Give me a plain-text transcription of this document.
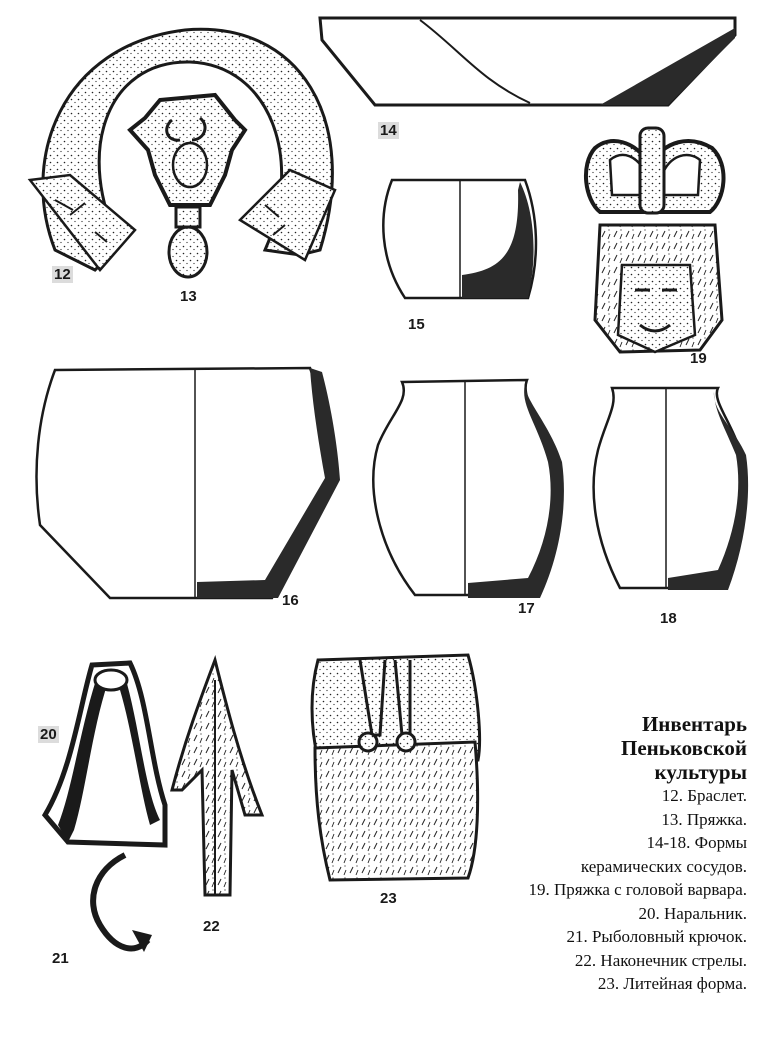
12
13
14
15
16	17
18
19
20
21
22
23
Инвентарь
Пеньковской
культуры
12. Браслет.
13. Пряжка.
14-18. Формы
керамических сосудов.
19. Пряжка с головой варвара.
20. Наральник.
21. Рыболовный крючок.
22. Наконечник стрелы.
23. Литейная форма.
